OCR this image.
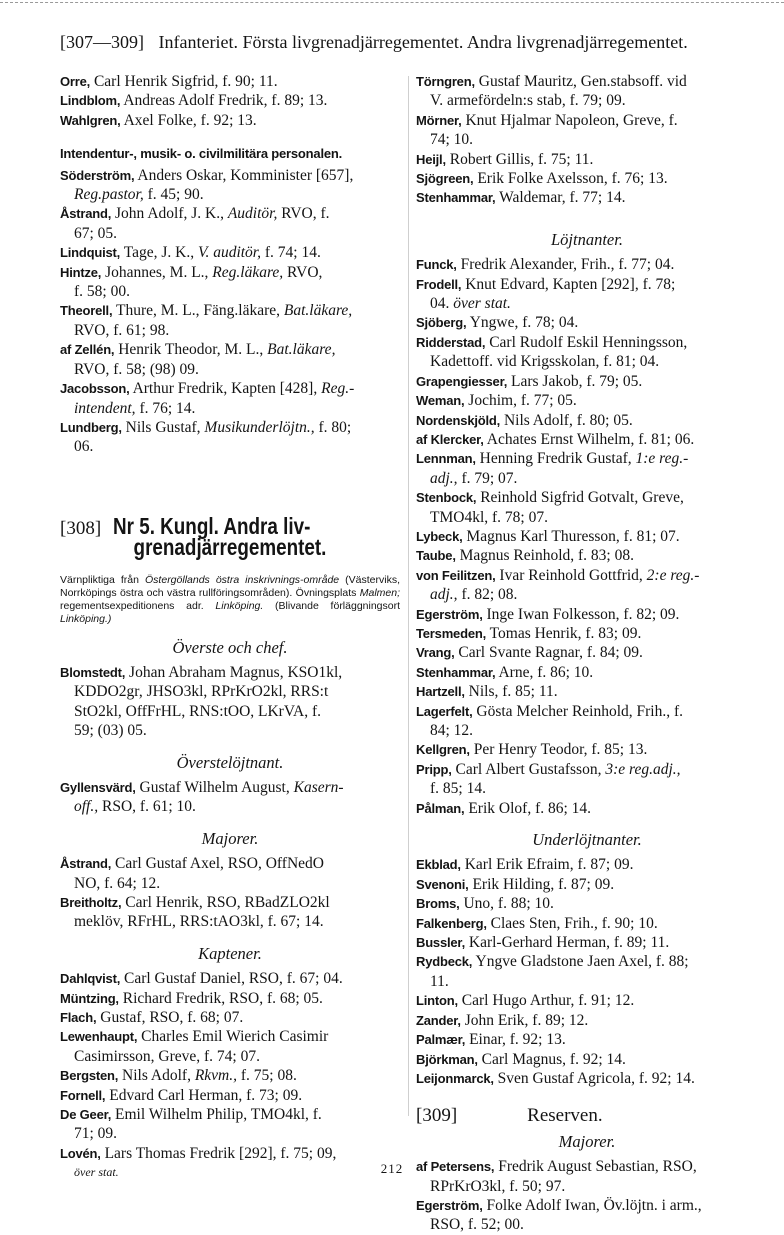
[307—309] Infanteriet. Första livgrenadjärregementet. Andra livgrenadjärregementet.

Orre, Carl Henrik Sigfrid, f. 90; 11.

Lindblom, Andreas Adolf Fredrik, f. 89; 13.

Wahlgren, Axel Folke, f. 92; 13.

Intendentur-, musik- o. civilmilitära personalen.

Söderström, Anders Oskar, Komminister [657],
Reg.pastor, f. 45; 90.

Åstrand, John Adolf, J. K., Auditör, RVO, f.
67; 05.

Lindquist, Tage, J. K., V. auditör, f. 74; 14.

Hintze, Johannes, M. L., Reg.läkare, RVO,
f. 58; 00.

Theorell, Thure, M. L., Fäng.läkare, Bat.läkare,
RVO, f. 61; 98.

af Zellén, Henrik Theodor, M. L., Bat.läkare,
RVO, f. 58; (98) 09.

Jacobsson, Arthur Fredrik, Kapten [428], Reg.-
intendent, f. 76; 14.

Lundberg, Nils Gustaf, Musikunderlöjtn., f. 80;
06.

[308] Nr 5. Kungl. Andra liv-
grenadjärregementet.
Värnpliktiga från Östergöllands östra inskrivnings-område (Västerviks, Norrköpings östra och västra rullföringsområden). Övningsplats Malmen; regementsexpeditionens adr. Linköping. (Blivande förläggningsort Linköping.)
Överste och chef.

Blomstedt, Johan Abraham Magnus, KSO1kl,
KDDO2gr, JHSO3kl, RPrKrO2kl, RRS:t
StO2kl, OffFrHL, RNS:tOO, LKrVA, f.
59; (03) 05.

Överstelöjtnant.

Gyllensvärd, Gustaf Wilhelm August, Kasern-
off., RSO, f. 61; 10.

Majorer.

Åstrand, Carl Gustaf Axel, RSO, OffNedO
NO, f. 64; 12.

Breitholtz, Carl Henrik, RSO, RBadZLO2kl
meklöv, RFrHL, RRS:tAO3kl, f. 67; 14.

Kaptener.

Dahlqvist, Carl Gustaf Daniel, RSO, f. 67; 04.

Müntzing, Richard Fredrik, RSO, f. 68; 05.

Flach, Gustaf, RSO, f. 68; 07.

Lewenhaupt, Charles Emil Wierich Casimir
Casimirsson, Greve, f. 74; 07.

Bergsten, Nils Adolf, Rkvm., f. 75; 08.

Fornell, Edvard Carl Herman, f. 73; 09.

De Geer, Emil Wilhelm Philip, TMO4kl, f.
71; 09.

Lovén, Lars Thomas Fredrik [292], f. 75; 09,
över stat.

Törngren, Gustaf Mauritz, Gen.stabsoff. vid
V. armefördeln:s stab, f. 79; 09.

Mörner, Knut Hjalmar Napoleon, Greve, f.
74; 10.

Heijl, Robert Gillis, f. 75; 11.

Sjögreen, Erik Folke Axelsson, f. 76; 13.

Stenhammar, Waldemar, f. 77; 14.

Löjtnanter.

Funck, Fredrik Alexander, Frih., f. 77; 04.

Frodell, Knut Edvard, Kapten [292], f. 78;
04. över stat.

Sjöberg, Yngwe, f. 78; 04.

Ridderstad, Carl Rudolf Eskil Henningsson,
Kadettoff. vid Krigsskolan, f. 81; 04.

Grapengiesser, Lars Jakob, f. 79; 05.

Weman, Jochim, f. 77; 05.

Nordenskjöld, Nils Adolf, f. 80; 05.

af Klercker, Achates Ernst Wilhelm, f. 81; 06.

Lennman, Henning Fredrik Gustaf, 1:e reg.-
adj., f. 79; 07.

Stenbock, Reinhold Sigfrid Gotvalt, Greve,
TMO4kl, f. 78; 07.

Lybeck, Magnus Karl Thuresson, f. 81; 07.

Taube, Magnus Reinhold, f. 83; 08.

von Feilitzen, Ivar Reinhold Gottfrid, 2:e reg.-
adj., f. 82; 08.

Egerström, Inge Iwan Folkesson, f. 82; 09.

Tersmeden, Tomas Henrik, f. 83; 09.

Vrang, Carl Svante Ragnar, f. 84; 09.

Stenhammar, Arne, f. 86; 10.

Hartzell, Nils, f. 85; 11.

Lagerfelt, Gösta Melcher Reinhold, Frih., f.
84; 12.

Kellgren, Per Henry Teodor, f. 85; 13.

Pripp, Carl Albert Gustafsson, 3:e reg.adj.,
f. 85; 14.

Pålman, Erik Olof, f. 86; 14.

Underlöjtnanter.

Ekblad, Karl Erik Efraim, f. 87; 09.

Svenoni, Erik Hilding, f. 87; 09.

Broms, Uno, f. 88; 10.

Falkenberg, Claes Sten, Frih., f. 90; 10.

Bussler, Karl-Gerhard Herman, f. 89; 11.

Rydbeck, Yngve Gladstone Jaen Axel, f. 88;
11.

Linton, Carl Hugo Arthur, f. 91; 12.

Zander, John Erik, f. 89; 12.

Palmær, Einar, f. 92; 13.

Björkman, Carl Magnus, f. 92; 14.

Leijonmarck, Sven Gustaf Agricola, f. 92; 14.

[309]	Reserven.
Majorer.

af Petersens, Fredrik August Sebastian, RSO,
RPrKrO3kl, f. 50; 97.

Egerström, Folke Adolf Iwan, Öv.löjtn. i arm.,
RSO, f. 52; 00.

212
